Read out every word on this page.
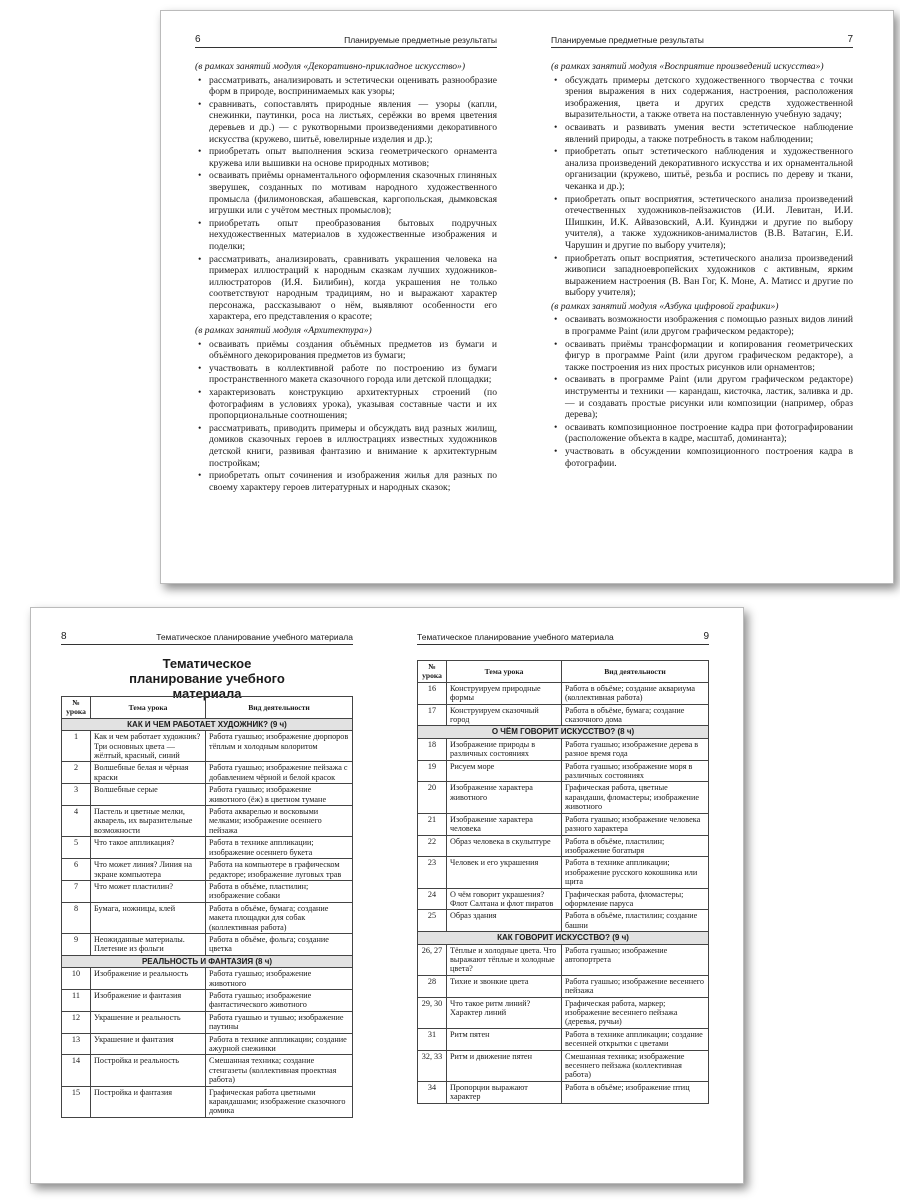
6	Планируемые предметные результаты
(в рамках занятий модуля «Декоративно-прикладное искусство»)
• рассматривать, анализировать и эстетически оценивать разнообразие форм в природе, воспринимаемых как узоры;
• сравнивать, сопоставлять природные явления — узоры (капли, снежинки, паутинки, роса на листьях, серёжки во время цветения деревьев и др.) — с рукотворными произведениями декоративного искусства (кружево, шитьё, ювелирные изделия и др.);
• приобретать опыт выполнения эскиза геометрического орнамента кружева или вышивки на основе природных мотивов;
• осваивать приёмы орнаментального оформления сказочных глиняных зверушек, созданных по мотивам народного художественного промысла (филимоновская, абашевская, каргопольская, дымковская игрушки или с учётом местных промыслов);
• приобретать опыт преобразования бытовых подручных нехудожественных материалов в художественные изображения и поделки;
• рассматривать, анализировать, сравнивать украшения человека на примерах иллюстраций к народным сказкам лучших художников-иллюстраторов (И.Я. Билибин), когда украшения не только соответствуют народным традициям, но и выражают характер персонажа, рассказывают о нём, выявляют особенности его характера, его представления о красоте;
(в рамках занятий модуля «Архитектура»)
• осваивать приёмы создания объёмных предметов из бумаги и объёмного декорирования предметов из бумаги;
• участвовать в коллективной работе по построению из бумаги пространственного макета сказочного города или детской площадки;
• характеризовать конструкцию архитектурных строений (по фотографиям в условиях урока), указывая составные части и их пропорциональные соотношения;
• рассматривать, приводить примеры и обсуждать вид разных жилищ, домиков сказочных героев в иллюстрациях известных художников детской книги, развивая фантазию и внимание к архитектурным постройкам;
• приобретать опыт сочинения и изображения жилья для разных по своему характеру героев литературных и народных сказок;
Планируемые предметные результаты	7
(в рамках занятий модуля «Восприятие произведений искусства»)
• обсуждать примеры детского художественного творчества с точки зрения выражения в них содержания, настроения, расположения изображения, цвета и других средств художественной выразительности, а также ответа на поставленную учебную задачу;
• осваивать и развивать умения вести эстетическое наблюдение явлений природы, а также потребность в таком наблюдении;
• приобретать опыт эстетического наблюдения и художественного анализа произведений декоративного искусства и их орнаментальной организации (кружево, шитьё, резьба и роспись по дереву и ткани, чеканка и др.);
• приобретать опыт восприятия, эстетического анализа произведений отечественных художников-пейзажистов (И.И. Левитан, И.И. Шишкин, И.К. Айвазовский, А.И. Куинджи и другие по выбору учителя), а также художников-анималистов (В.В. Ватагин, Е.И. Чарушин и другие по выбору учителя);
• приобретать опыт восприятия, эстетического анализа произведений живописи западноевропейских художников с активным, ярким выражением настроения (В. Ван Гог, К. Моне, А. Матисс и другие по выбору учителя);
(в рамках занятий модуля «Азбука цифровой графики»)
• осваивать возможности изображения с помощью разных видов линий в программе Paint (или другом графическом редакторе);
• осваивать приёмы трансформации и копирования геометрических фигур в программе Paint (или другом графическом редакторе), а также построения из них простых рисунков или орнаментов;
• осваивать в программе Paint (или другом графическом редакторе) инструменты и техники — карандаш, кисточка, ластик, заливка и др. — и создавать простые рисунки или композиции (например, образ дерева);
• осваивать композиционное построение кадра при фотографировании (расположение объекта в кадре, масштаб, доминанта);
• участвовать в обсуждении композиционного построения кадра в фотографии.
8	Тематическое планирование учебного материала
Тематическое планирование учебного материала
№ урока	Тема урока	Вид деятельности
КАК И ЧЕМ РАБОТАЕТ ХУДОЖНИК? (9 ч)		
1	Как и чем работает художник? Три основных цвета — жёлтый, красный, синий	Работа гуашью; изображение дюрпоров тёплым и холодным колоритом
2	Волшебные белая и чёрная краски	Работа гуашью; изображение пейзажа с добавлением чёрной и белой красок
3	Волшебные серые	Работа гуашью; изображение животного (ёж) в цветном тумане
4	Пастель и цветные мелки, акварель, их выразительные возможности	Работа акварелью и восковыми мелками; изображение осеннего пейзажа
5	Что такое аппликация?	Работа в технике аппликации; изображение осеннего букета
6	Что может линия? Линия на экране компьютера	Работа на компьютере в графическом редакторе; изображение луговых трав
7	Что может пластилин?	Работа в объёме, пластилин; изображение собаки
8	Бумага, ножницы, клей	Работа в объёме, бумага; создание макета площадки для собак (коллективная работа)
9	Неожиданные материалы. Плетение из фольги	Работа в объёме, фольга; создание цветка
РЕАЛЬНОСТЬ И ФАНТАЗИЯ (8 ч)		
10	Изображение и реальность	Работа гуашью; изображение животного
11	Изображение и фантазия	Работа гуашью; изображение фантастического животного
12	Украшение и реальность	Работа гуашью и тушью; изображение паутины
13	Украшение и фантазия	Работа в технике аппликации; создание ажурной снежинки
14	Постройка и реальность	Смешанная техника; создание стенгазеты (коллективная проектная работа)
15	Постройка и фантазия	Графическая работа цветными карандашами; изображение сказочного домика
Тематическое планирование учебного материала	9
№ урока	Тема урока	Вид деятельности
16	Конструируем природные формы	Работа в объёме; создание аквариума (коллективная работа)
17	Конструируем сказочный город	Работа в объёме, бумага; создание сказочного дома
О ЧЁМ ГОВОРИТ ИСКУССТВО? (8 ч)		
18	Изображение природы в различных состояниях	Работа гуашью; изображение дерева в разное время года
19	Рисуем море	Работа гуашью; изображение моря в различных состояниях
20	Изображение характера животного	Графическая работа, цветные карандаши, фломастеры; изображение животного
21	Изображение характера человека	Работа гуашью; изображение человека разного характера
22	Образ человека в скульптуре	Работа в объёме, пластилин; изображение богатыря
23	Человек и его украшения	Работа в технике аппликации; изображение русского кокошника или щита
24	О чём говорит украшения? Флот Салтана и флот пиратов	Графическая работа, фломастеры; оформление паруса
25	Образ здания	Работа в объёме, пластилин; создание башни
КАК ГОВОРИТ ИСКУССТВО? (9 ч)		
26, 27	Тёплые и холодные цвета. Что выражают тёплые и холодные цвета?	Работа гуашью; изображение автопортрета
28	Тихие и звонкие цвета	Работа гуашью; изображение весеннего пейзажа
29, 30	Что такое ритм линий? Характер линий	Графическая работа, маркер; изображение весеннего пейзажа (деревья, ручьи)
31	Ритм пятен	Работа в технике аппликации; создание весенней открытки с цветами
32, 33	Ритм и движение пятен	Смешанная техника; изображение весеннего пейзажа (коллективная работа)
34	Пропорции выражают характер	Работа в объёме; изображение птиц
